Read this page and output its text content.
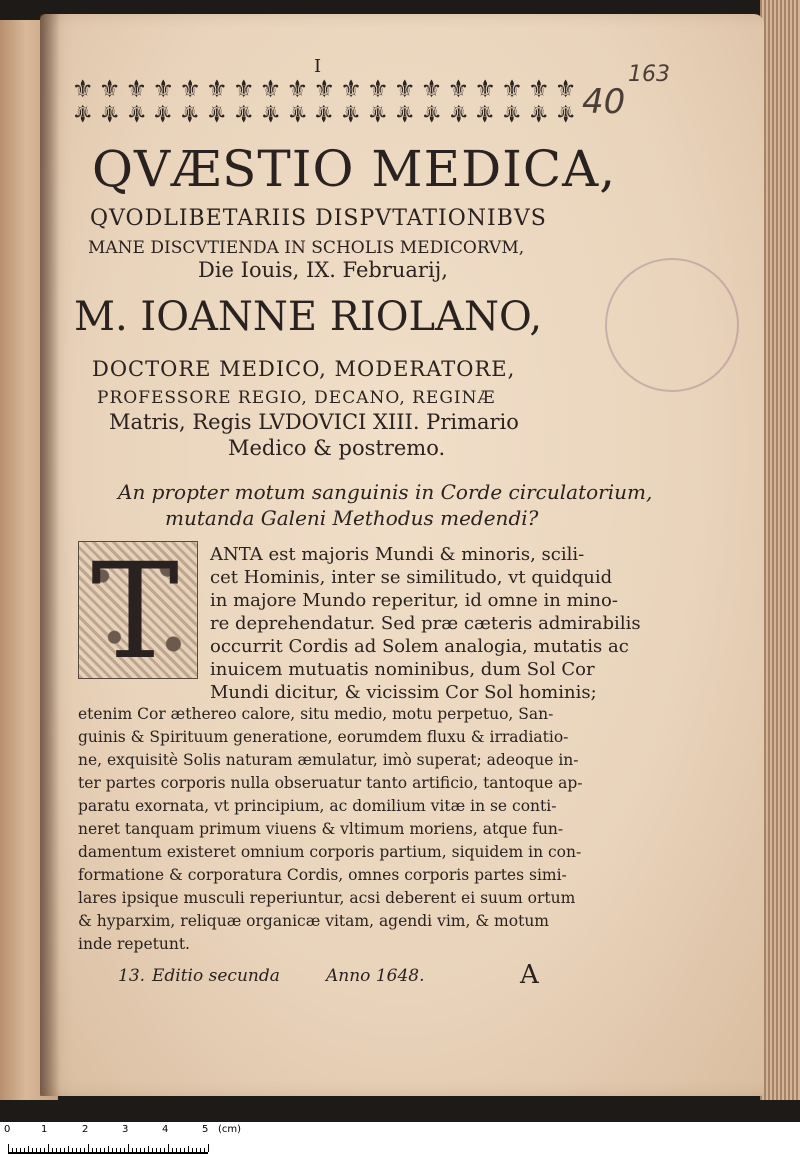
I	163
⚜ ⚜
⚜ ⚜
⚜ ⚜
⚜ ⚜
⚜ ⚜
⚜ ⚜
⚜ ⚜
⚜ ⚜
⚜ ⚜
⚜ ⚜
⚜ ⚜
⚜ ⚜
⚜ ⚜
⚜ ⚜
⚜ ⚜
⚜ ⚜
⚜ ⚜
⚜ ⚜
⚜ ⚜
40
QVÆSTIO MEDICA,
QVODLIBETARIIS DISPVTATIONIBVS
MANE DISCVTIENDA IN SCHOLIS MEDICORVM,
Die Iouis, IX. Februarij,
M. IOANNE RIOLANO,
DOCTORE MEDICO, MODERATORE,
PROFESSORE REGIO, DECANO, REGINÆ
Matris, Regis LVDOVICI XIII. Primario
Medico & postremo.
An propter motum sanguinis in Corde circulatorium,
mutanda Galeni Methodus medendi?
T ANTA est majoris Mundi & minoris, scili-
cet Hominis, inter se similitudo, vt quidquid
in majore Mundo reperitur, id omne in mino-
re deprehendatur. Sed præ cæteris admirabilis
occurrit Cordis ad Solem analogia, mutatis ac
inuicem mutuatis nominibus, dum Sol Cor
Mundi dicitur, & vicissim Cor Sol hominis;
etenim Cor æthereo calore, situ medio, motu perpetuo, San-
guinis & Spirituum generatione, eorumdem fluxu & irradiatio-
ne, exquisitè Solis naturam æmulatur, imò superat; adeoque in-
ter partes corporis nulla obseruatur tanto artificio, tantoque ap-
paratu exornata, vt principium, ac domilium vitæ in se conti-
neret tanquam primum viuens & vltimum moriens, atque fun-
damentum existeret omnium corporis partium, siquidem in con-
formatione & corporatura Cordis, omnes corporis partes simi-
lares ipsique musculi reperiuntur, acsi deberent ei suum ortum
& hyparxim, reliquæ organicæ vitam, agendi vim, & motum
inde repetunt.
13. Editio secunda	Anno 1648.	A
0	1	2	3	4	5 (cm)
